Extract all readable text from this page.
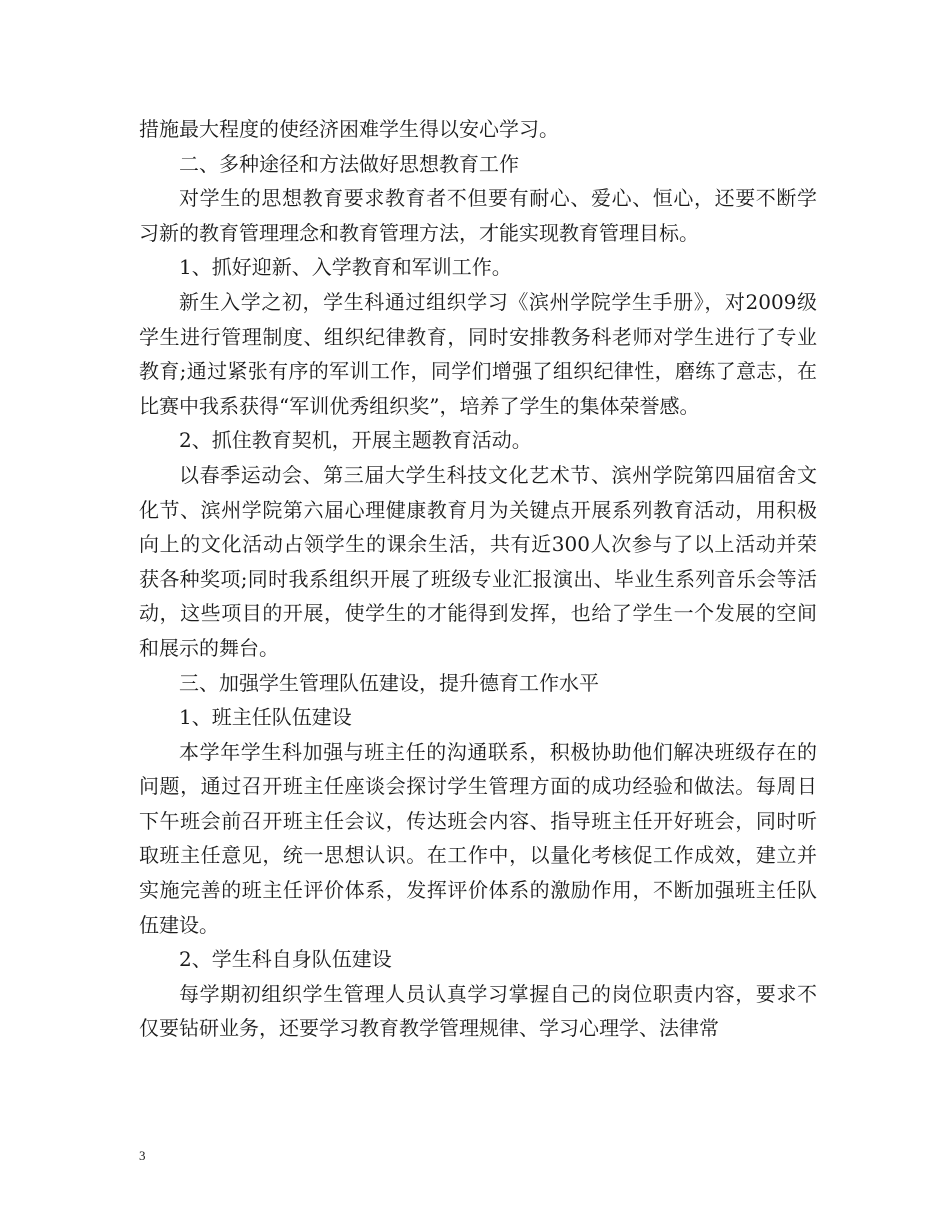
措施最大程度的使经济困难学生得以安心学习。

二、多种途径和方法做好思想教育工作

对学生的思想教育要求教育者不但要有耐心、爱心、恒心，还要不断学习新的教育管理理念和教育管理方法，才能实现教育管理目标。

1、抓好迎新、入学教育和军训工作。

新生入学之初，学生科通过组织学习《滨州学院学生手册》，对2009级学生进行管理制度、组织纪律教育，同时安排教务科老师对学生进行了专业教育;通过紧张有序的军训工作，同学们增强了组织纪律性，磨练了意志，在比赛中我系获得“军训优秀组织奖”，培养了学生的集体荣誉感。

2、抓住教育契机，开展主题教育活动。

以春季运动会、第三届大学生科技文化艺术节、滨州学院第四届宿舍文化节、滨州学院第六届心理健康教育月为关键点开展系列教育活动，用积极向上的文化活动占领学生的课余生活，共有近300人次参与了以上活动并荣获各种奖项;同时我系组织开展了班级专业汇报演出、毕业生系列音乐会等活动，这些项目的开展，使学生的才能得到发挥，也给了学生一个发展的空间和展示的舞台。

三、加强学生管理队伍建设，提升德育工作水平

1、班主任队伍建设

本学年学生科加强与班主任的沟通联系，积极协助他们解决班级存在的问题，通过召开班主任座谈会探讨学生管理方面的成功经验和做法。每周日下午班会前召开班主任会议，传达班会内容、指导班主任开好班会，同时听取班主任意见，统一思想认识。在工作中，以量化考核促工作成效，建立并实施完善的班主任评价体系，发挥评价体系的激励作用，不断加强班主任队伍建设。

2、学生科自身队伍建设

每学期初组织学生管理人员认真学习掌握自己的岗位职责内容，要求不仅要钻研业务，还要学习教育教学管理规律、学习心理学、法律常

3
